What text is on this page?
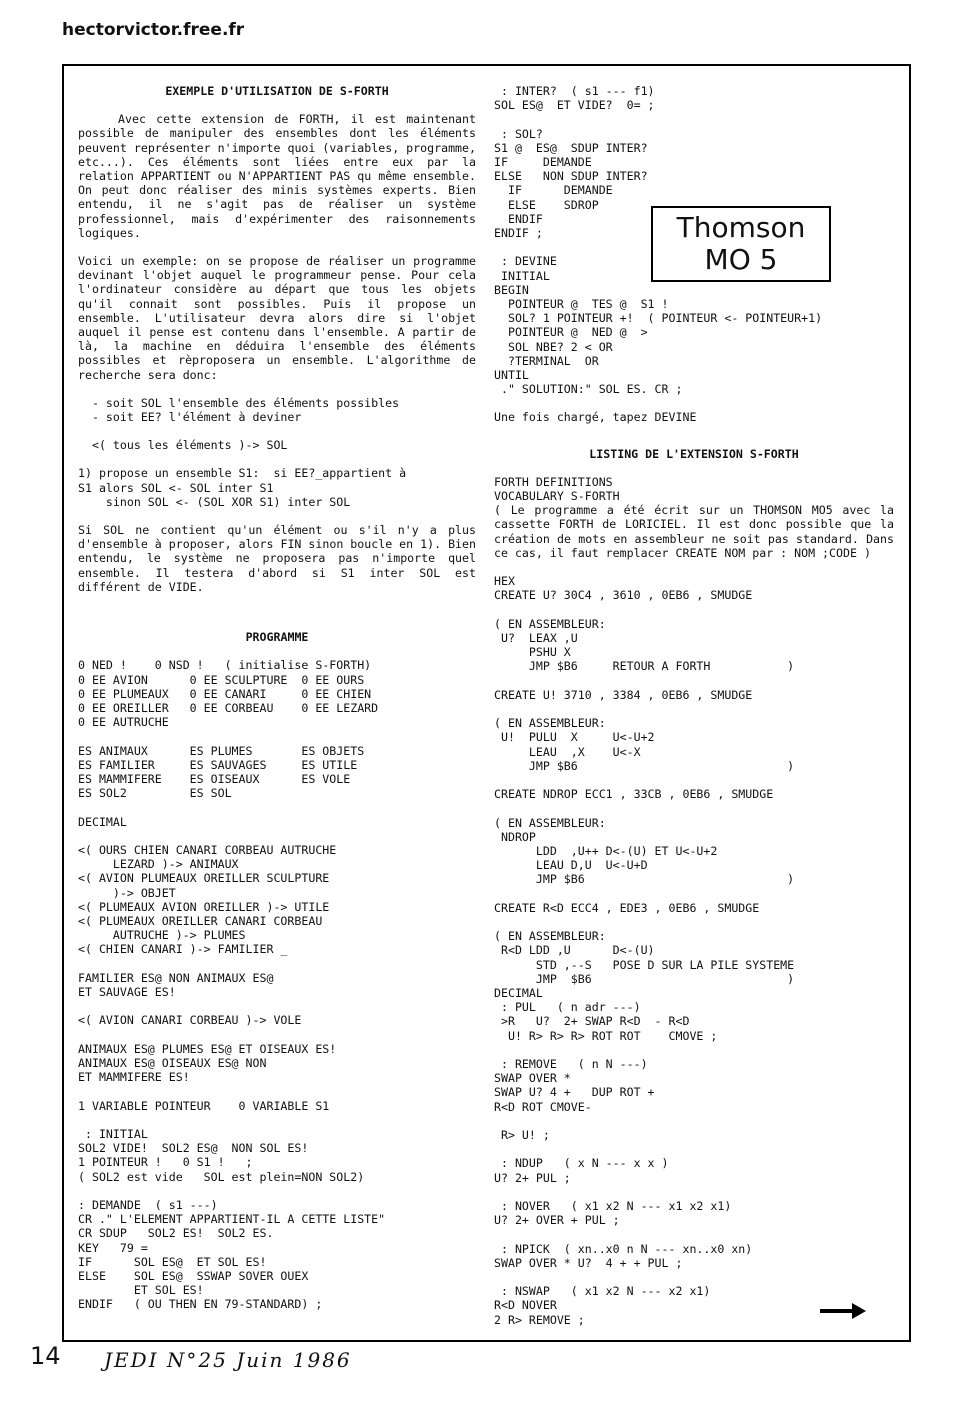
hectorvictor.free.fr
EXEMPLE D'UTILISATION DE S-FORTH

Avec cette extension de FORTH, il est maintenant possible de manipuler des ensembles dont les éléments peuvent représenter n'importe quoi (variables, programme, etc...). Ces éléments sont liées entre eux par la relation APPARTIENT ou N'APPARTIENT PAS qu même ensemble. On peut donc réaliser des minis systèmes experts. Bien entendu, il ne s'agit pas de réaliser un système professionnel, mais d'expérimenter des raisonnements logiques.

Voici un exemple: on se propose de réaliser un programme devinant l'objet auquel le programmeur pense. Pour cela l'ordinateur considère au départ que tous les objets qu'il connait sont possibles. Puis il propose un ensemble. L'utilisateur devra alors dire si l'objet auquel il pense est contenu dans l'ensemble. A partir de là, la machine en déduira l'ensemble des éléments possibles et rèproposera un ensemble. L'algorithme de recherche sera donc:

- soit SOL l'ensemble des éléments possibles
- soit EE? l'élément à deviner
<( tous les éléments )-> SOL
1) propose un ensemble S1:  si EE?_appartient à
S1 alors SOL <- SOL inter S1
sinon SOL <- (SOL XOR S1) inter SOL

Si SOL ne contient qu'un élément ou s'il n'y a plus d'ensemble à proposer, alors FIN sinon boucle en 1). Bien entendu, le système ne proposera pas n'importe quel ensemble. Il testera d'abord si S1 inter SOL est différent de VIDE.

PROGRAMME
0 NED !    0 NSD !   ( initialise S-FORTH)
0 EE AVION      0 EE SCULPTURE  0 EE OURS
0 EE PLUMEAUX   0 EE CANARI     0 EE CHIEN
0 EE OREILLER   0 EE CORBEAU    0 EE LEZARD
0 EE AUTRUCHE

ES ANIMAUX      ES PLUMES       ES OBJETS
ES FAMILIER     ES SAUVAGES     ES UTILE
ES MAMMIFERE    ES OISEAUX      ES VOLE
ES SOL2         ES SOL

DECIMAL

<( OURS CHIEN CANARI CORBEAU AUTRUCHE
LEZARD )-> ANIMAUX
<( AVION PLUMEAUX OREILLER SCULPTURE
)-> OBJET
<( PLUMEAUX AVION OREILLER )-> UTILE
<( PLUMEAUX OREILLER CANARI CORBEAU
AUTRUCHE )-> PLUMES
<( CHIEN CANARI )-> FAMILIER _

FAMILIER ES@ NON ANIMAUX ES@
ET SAUVAGE ES!

<( AVION CANARI CORBEAU )-> VOLE

ANIMAUX ES@ PLUMES ES@ ET OISEAUX ES!
ANIMAUX ES@ OISEAUX ES@ NON
ET MAMMIFERE ES!

1 VARIABLE POINTEUR    0 VARIABLE S1

: INITIAL
SOL2 VIDE!  SOL2 ES@  NON SOL ES!
1 POINTEUR !   0 S1 !   ;
( SOL2 est vide   SOL est plein=NON SOL2)

: DEMANDE  ( s1 ---)
CR ." L'ELEMENT APPARTIENT-IL A CETTE LISTE"
CR SDUP   SOL2 ES!  SOL2 ES.
KEY   79 =
IF      SOL ES@  ET SOL ES!
ELSE    SOL ES@  SSWAP SOVER OUEX
ET SOL ES!
ENDIF   ( OU THEN EN 79-STANDARD) ;
: INTER?  ( s1 --- f1)
SOL ES@  ET VIDE?  0= ;

: SOL?
S1 @  ES@  SDUP INTER?
IF     DEMANDE
ELSE   NON SDUP INTER?
IF      DEMANDE
ELSE    SDROP
ENDIF
ENDIF ;

: DEVINE
INITIAL
BEGIN
POINTEUR @  TES @  S1 !
SOL? 1 POINTEUR +!  ( POINTEUR <- POINTEUR+1)
POINTEUR @  NED @  >
SOL NBE? 2 < OR
?TERMINAL  OR
UNTIL
." SOLUTION:" SOL ES. CR ;
Une fois chargé, tapez DEVINE
LISTING DE L'EXTENSION S-FORTH
FORTH DEFINITIONS
VOCABULARY S-FORTH

( Le programme a été écrit sur un THOMSON MO5 avec la cassette FORTH de LORICIEL. Il est donc possible que la création de mots en assembleur ne soit pas standard. Dans ce cas, il faut remplacer CREATE NOM par : NOM ;CODE )

HEX
CREATE U? 30C4 , 3610 , 0EB6 , SMUDGE

( EN ASSEMBLEUR:
U?  LEAX ,U
PSHU X
JMP $B6     RETOUR A FORTH           )

CREATE U! 3710 , 3384 , 0EB6 , SMUDGE

( EN ASSEMBLEUR:
U!  PULU  X     U<-U+2
LEAU  ,X    U<-X
JMP $B6                              )

CREATE NDROP ECC1 , 33CB , 0EB6 , SMUDGE

( EN ASSEMBLEUR:
NDROP
LDD  ,U++ D<-(U) ET U<-U+2
LEAU D,U  U<-U+D
JMP $B6                             )

CREATE R<D ECC4 , EDE3 , 0EB6 , SMUDGE

( EN ASSEMBLEUR:
R<D LDD ,U      D<-(U)
STD ,--S   POSE D SUR LA PILE SYSTEME
JMP  $B6                            )
DECIMAL
: PUL   ( n adr ---)
>R   U?  2+ SWAP R<D  - R<D
U! R> R> R> ROT ROT    CMOVE ;

: REMOVE   ( n N ---)
SWAP OVER *
SWAP U? 4 +   DUP ROT +
R<D ROT CMOVE-

R> U! ;

: NDUP   ( x N --- x x )
U? 2+ PUL ;

: NOVER   ( x1 x2 N --- x1 x2 x1)
U? 2+ OVER + PUL ;

: NPICK  ( xn..x0 n N --- xn..x0 xn)
SWAP OVER * U?  4 + + PUL ;

: NSWAP   ( x1 x2 N --- x2 x1)
R<D NOVER
2 R> REMOVE ;
Thomson
MO 5
14 JEDI N°25 Juin 1986
